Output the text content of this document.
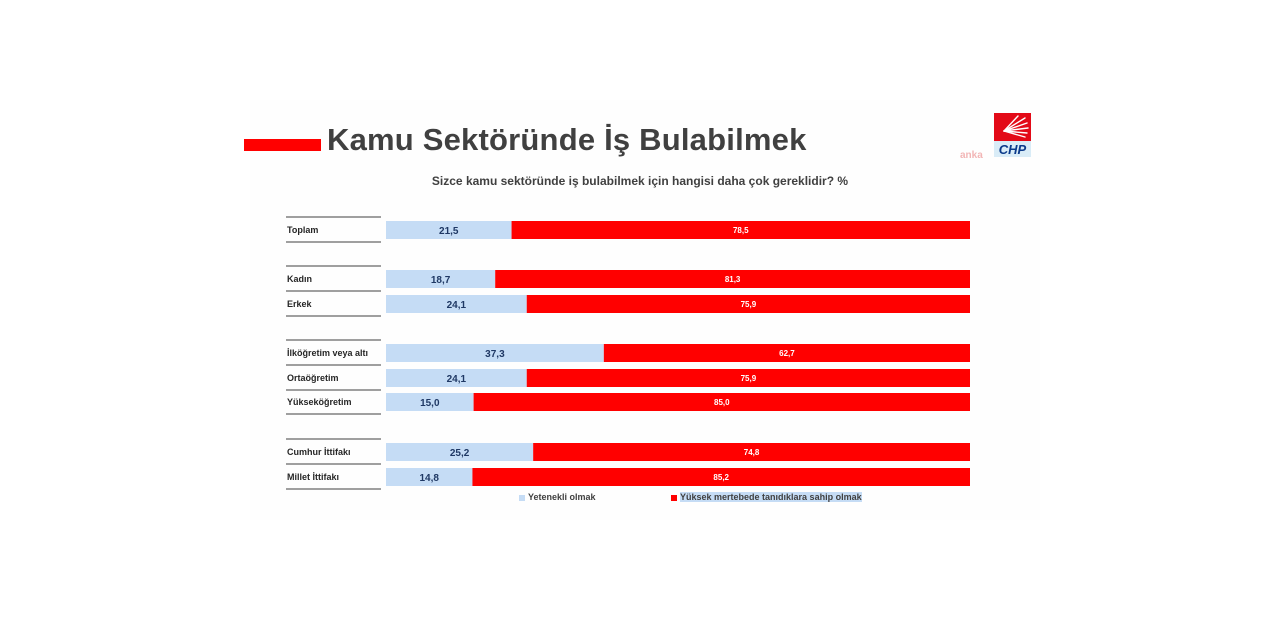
Kamu Sektöründe İş Bulabilmek	anka CHP
Sizce kamu sektöründe iş bulabilmek için hangisi daha çok gereklidir? %
Toplam	21,5	78,5
Kadın	18,7	81,3
Erkek	24,1	75,9
İlköğretim veya altı	37,3	62,7
Ortaöğretim	24,1	75,9
Yükseköğretim	15,0	85,0
Cumhur İttifakı	25,2	74,8
Millet İttifakı	14,8	85,2
Yetenekli olmak	Yüksek mertebede tanıdıklara sahip olmak
